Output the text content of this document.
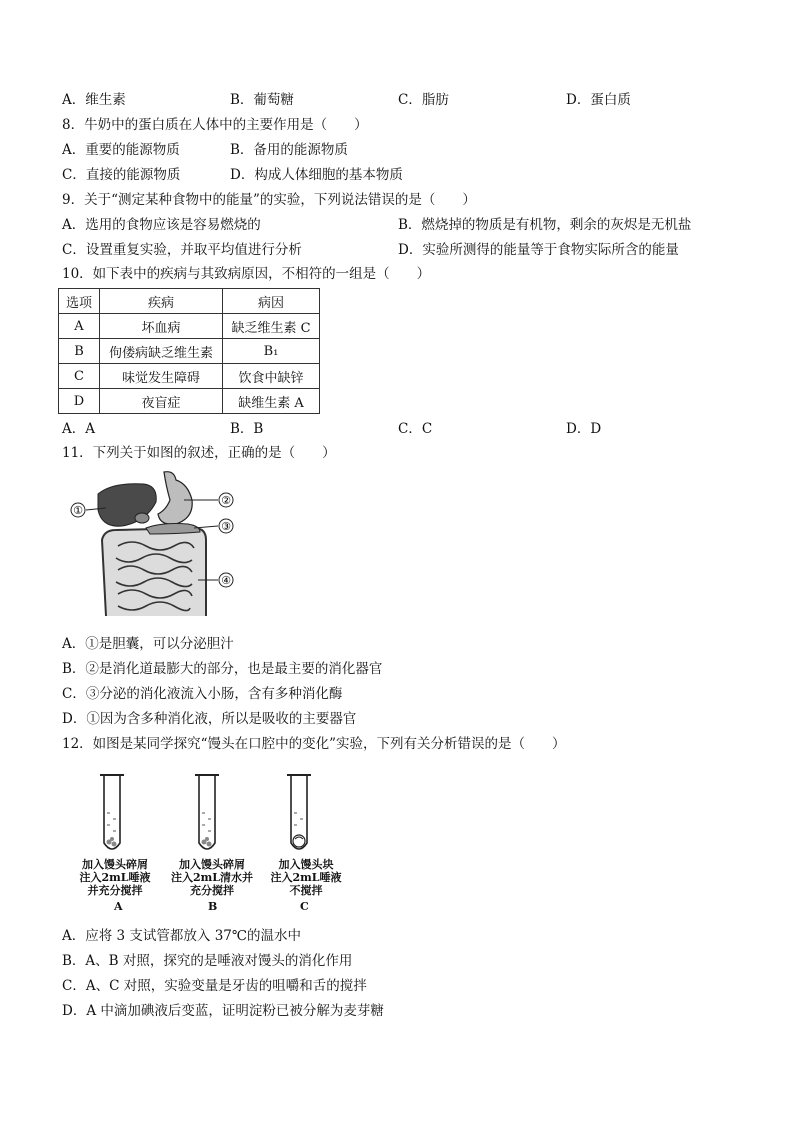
A．维生素	B．葡萄糖	C．脂肪	D．蛋白质
8．牛奶中的蛋白质在人体中的主要作用是（　　）
A．重要的能源物质	B．备用的能源物质
C．直接的能源物质	D．构成人体细胞的基本物质
9．关于“测定某种食物中的能量”的实验，下列说法错误的是（　　）
A．选用的食物应该是容易燃烧的	B．燃烧掉的物质是有机物，剩余的灰烬是无机盐
C．设置重复实验，并取平均值进行分析	D．实验所测得的能量等于食物实际所含的能量
10．如下表中的疾病与其致病原因，不相符的一组是（　　）
选项	疾病	病因
A	坏血病	缺乏维生素 C
B	佝偻病缺乏维生素	B₁
C	味觉发生障碍	饮食中缺锌
D	夜盲症	缺维生素 A
A．A	B．B	C．C	D．D
11．下列关于如图的叙述，正确的是（　　）
①
②
③
④
A．①是胆囊，可以分泌胆汁
B．②是消化道最膨大的部分，也是最主要的消化器官
C．③分泌的消化液流入小肠，含有多种消化酶
D．①因为含多种消化液，所以是吸收的主要器官
12．如图是某同学探究“馒头在口腔中的变化”实验，下列有关分析错误的是（　　）
加入馒头碎屑
注入2mL唾液
并充分搅拌
A
加入馒头碎屑
注入2mL清水并
充分搅拌
B
加入馒头块
注入2mL唾液
不搅拌
C
A．应将 3 支试管都放入 37℃的温水中
B．A、B 对照，探究的是唾液对馒头的消化作用
C．A、C 对照，实验变量是牙齿的咀嚼和舌的搅拌
D．A 中滴加碘液后变蓝，证明淀粉已被分解为麦芽糖
